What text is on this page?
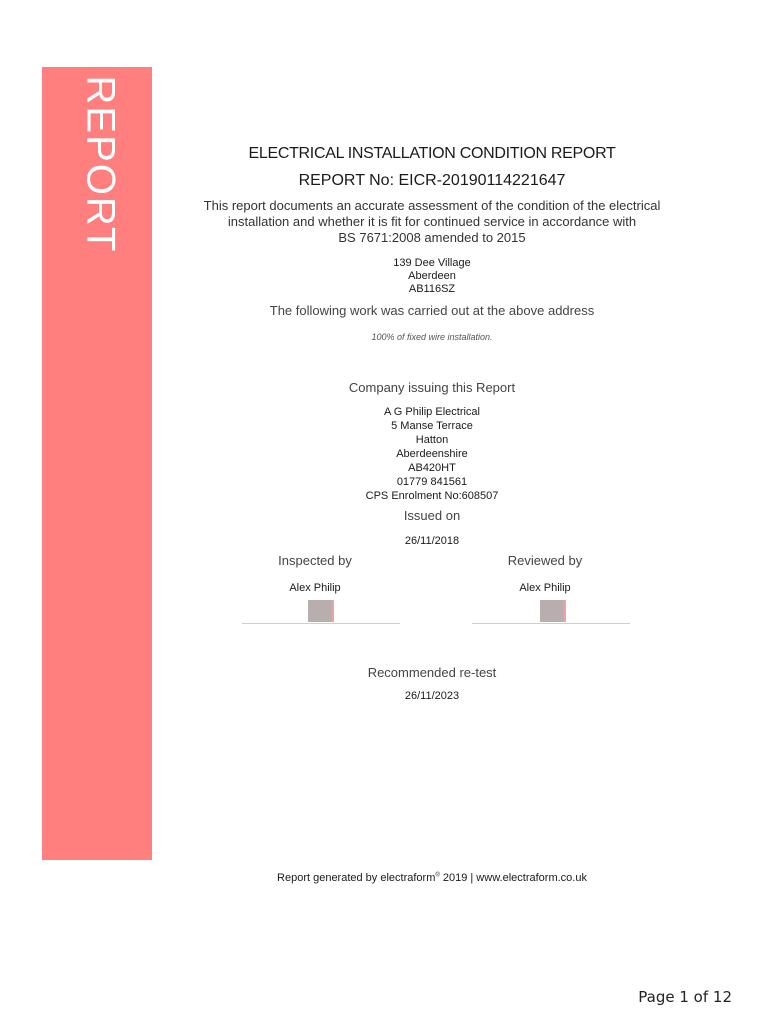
REPORT	ELECTRICAL INSTALLATION CONDITION REPORT
REPORT No: EICR-20190114221647
This report documents an accurate assessment of the condition of the electrical
installation and whether it is fit for continued service in accordance with
BS 7671:2008 amended to 2015
139 Dee Village
Aberdeen
AB116SZ
The following work was carried out at the above address
100% of fixed wire installation.
Company issuing this Report
A G Philip Electrical
5 Manse Terrace
Hatton
Aberdeenshire
AB420HT
01779 841561
CPS Enrolment No:608507
Issued on
26/11/2018
Inspected by
Alex Philip
Reviewed by
Alex Philip
Recommended re-test
26/11/2023
Report generated by electraform® 2019 | www.electraform.co.uk
Page 1 of 12
